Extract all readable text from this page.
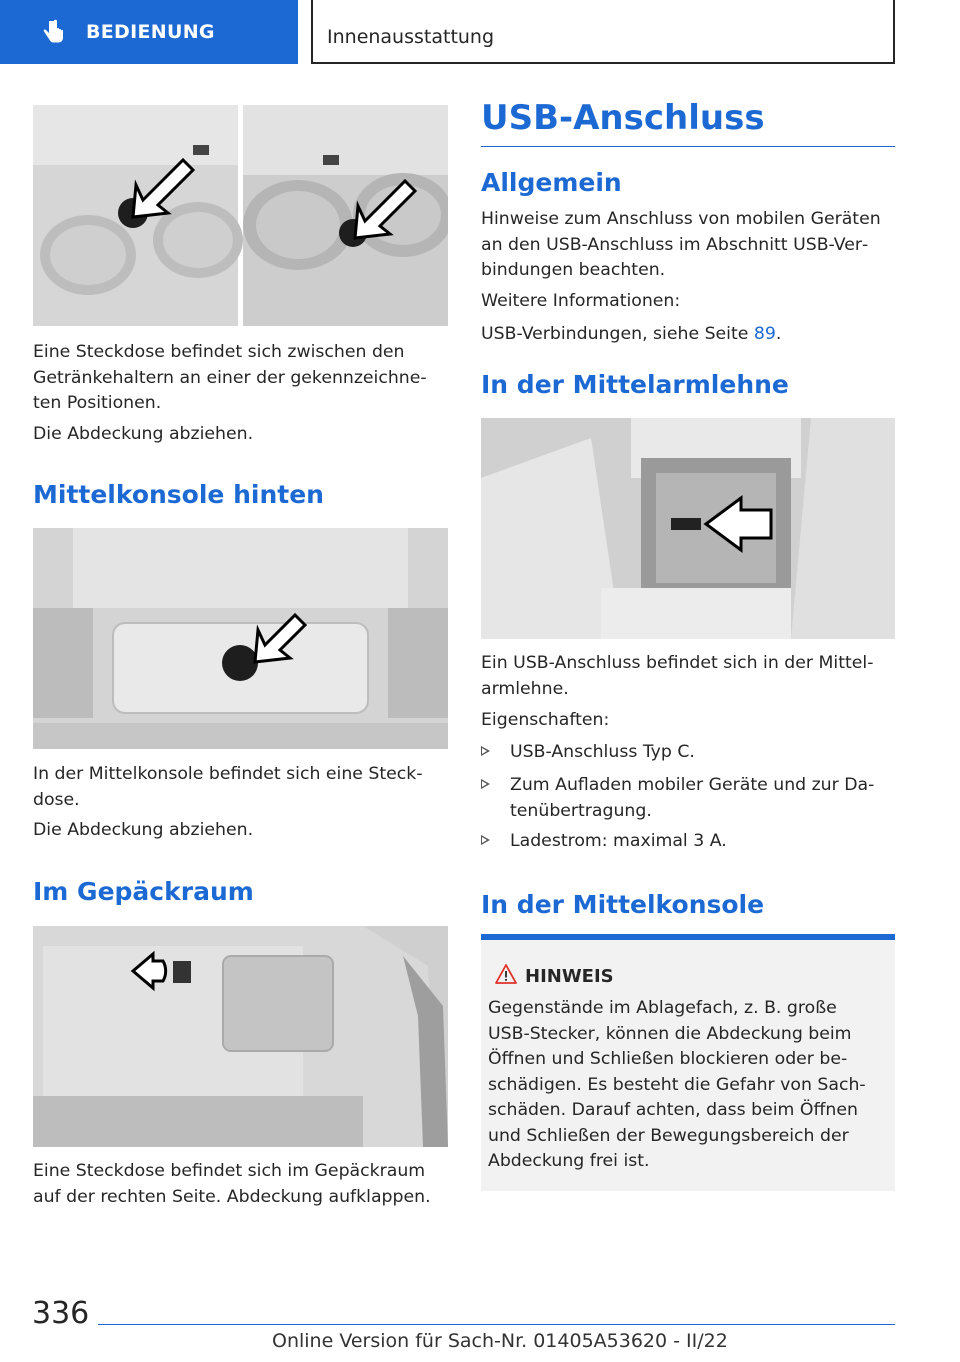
BEDIENUNG	Innenausstattung

Eine Steckdose befindet sich zwischen den Getränkehaltern an einer der gekennzeichneten Positionen.

Die Abdeckung abziehen.

Mittelkonsole hinten

In der Mittelkonsole befindet sich eine Steckdose.

Die Abdeckung abziehen.

Im Gepäckraum

Eine Steckdose befindet sich im Gepäckraum auf der rechten Seite. Abdeckung aufklappen.

USB-Anschluss
Allgemein

Hinweise zum Anschluss von mobilen Geräten an den USB-Anschluss im Abschnitt USB-Verbindungen beachten.

Weitere Informationen:

USB-Verbindungen, siehe Seite 89.

In der Mittelarmlehne

Ein USB-Anschluss befindet sich in der Mittelarmlehne.

Eigenschaften:

USB-Anschluss Typ C.
Zum Aufladen mobiler Geräte und zur Datenübertragung.
Ladestrom: maximal 3 A.
In der Mittelkonsole
HINWEIS

Gegenstände im Ablagefach, z. B. große USB-Stecker, können die Abdeckung beim Öffnen und Schließen blockieren oder beschädigen. Es besteht die Gefahr von Sachschäden. Darauf achten, dass beim Öffnen und Schließen der Bewegungsbereich der Abdeckung frei ist.

336
Online Version für Sach-Nr. 01405A53620 - II/22
